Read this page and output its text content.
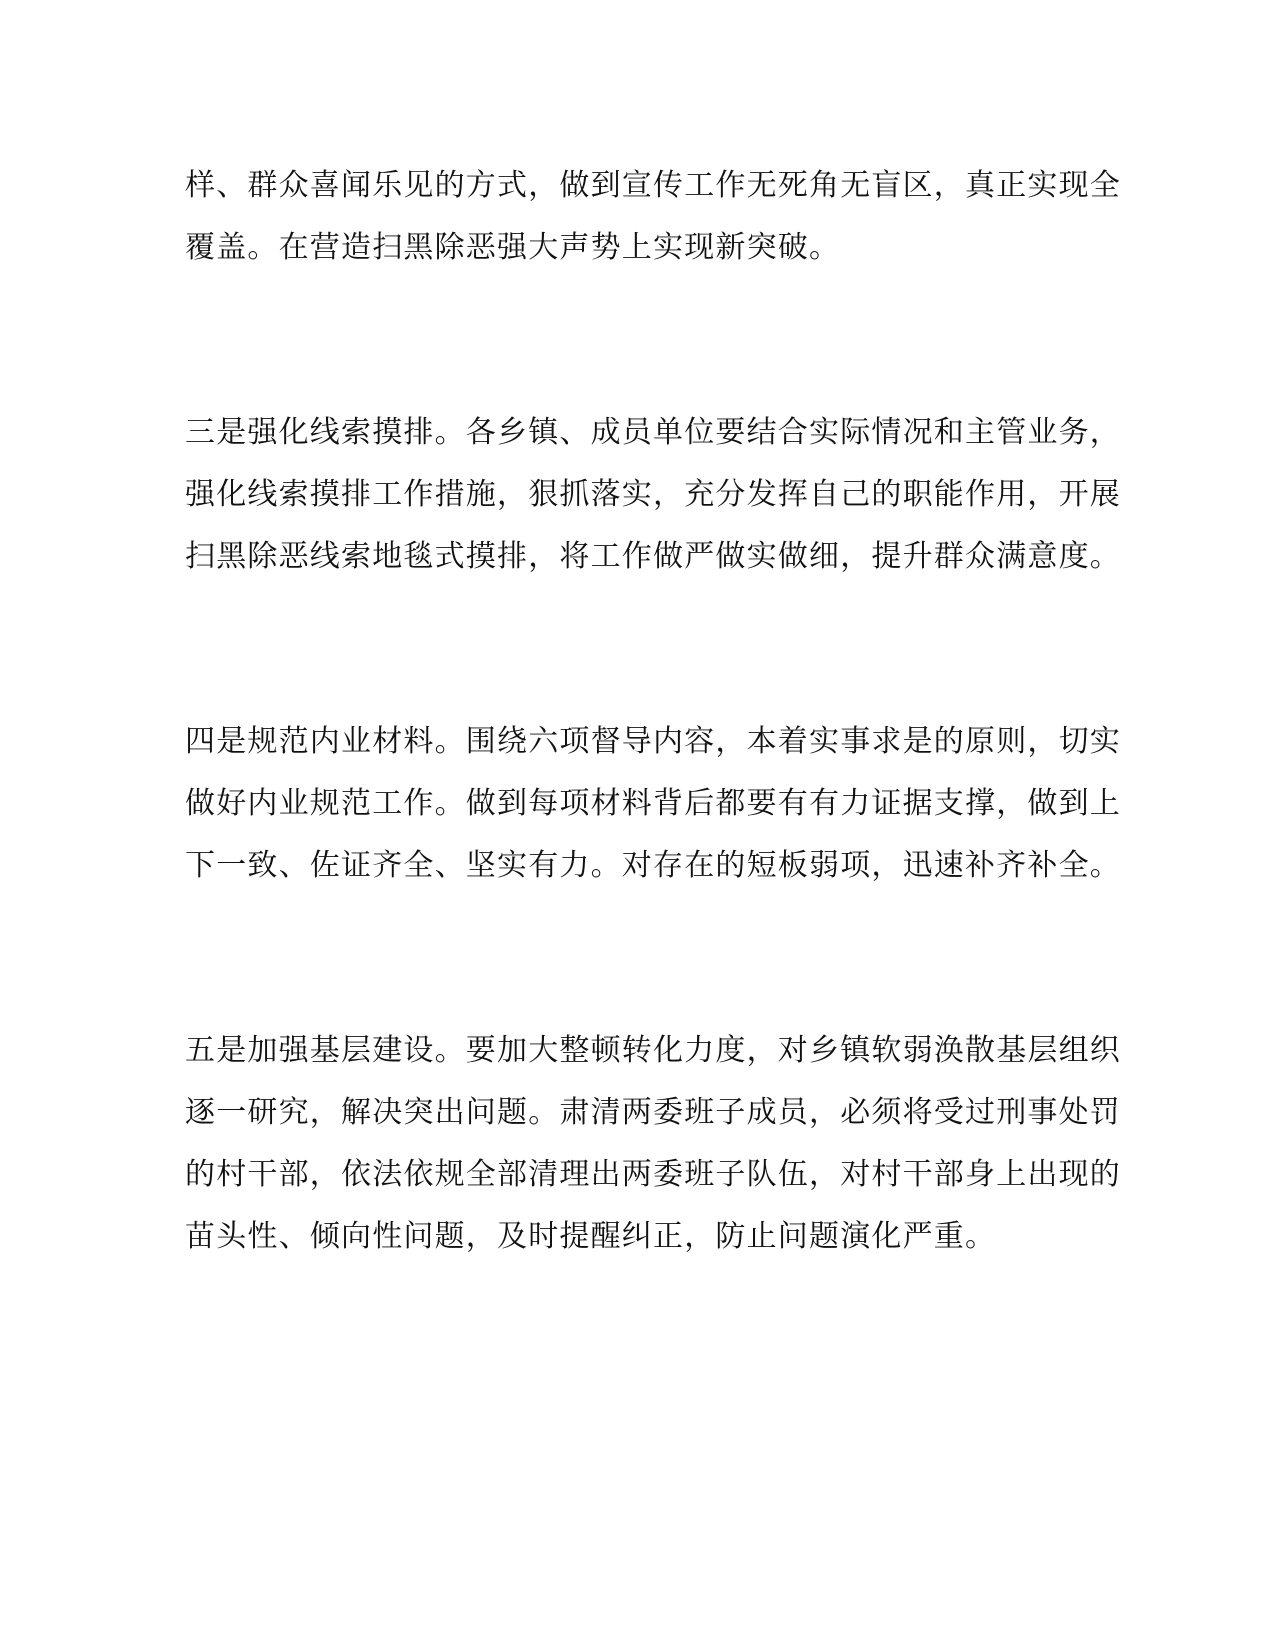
样、群众喜闻乐见的方式，做到宣传工作无死角无盲区，真正实现全
覆盖。在营造扫黑除恶强大声势上实现新突破。
三是强化线索摸排。各乡镇、成员单位要结合实际情况和主管业务，
强化线索摸排工作措施，狠抓落实，充分发挥自己的职能作用，开展
扫黑除恶线索地毯式摸排，将工作做严做实做细，提升群众满意度。
四是规范内业材料。围绕六项督导内容，本着实事求是的原则，切实
做好内业规范工作。做到每项材料背后都要有有力证据支撑，做到上
下一致、佐证齐全、坚实有力。对存在的短板弱项，迅速补齐补全。
五是加强基层建设。要加大整顿转化力度，对乡镇软弱涣散基层组织
逐一研究，解决突出问题。肃清两委班子成员，必须将受过刑事处罚
的村干部，依法依规全部清理出两委班子队伍，对村干部身上出现的
苗头性、倾向性问题，及时提醒纠正，防止问题演化严重。
